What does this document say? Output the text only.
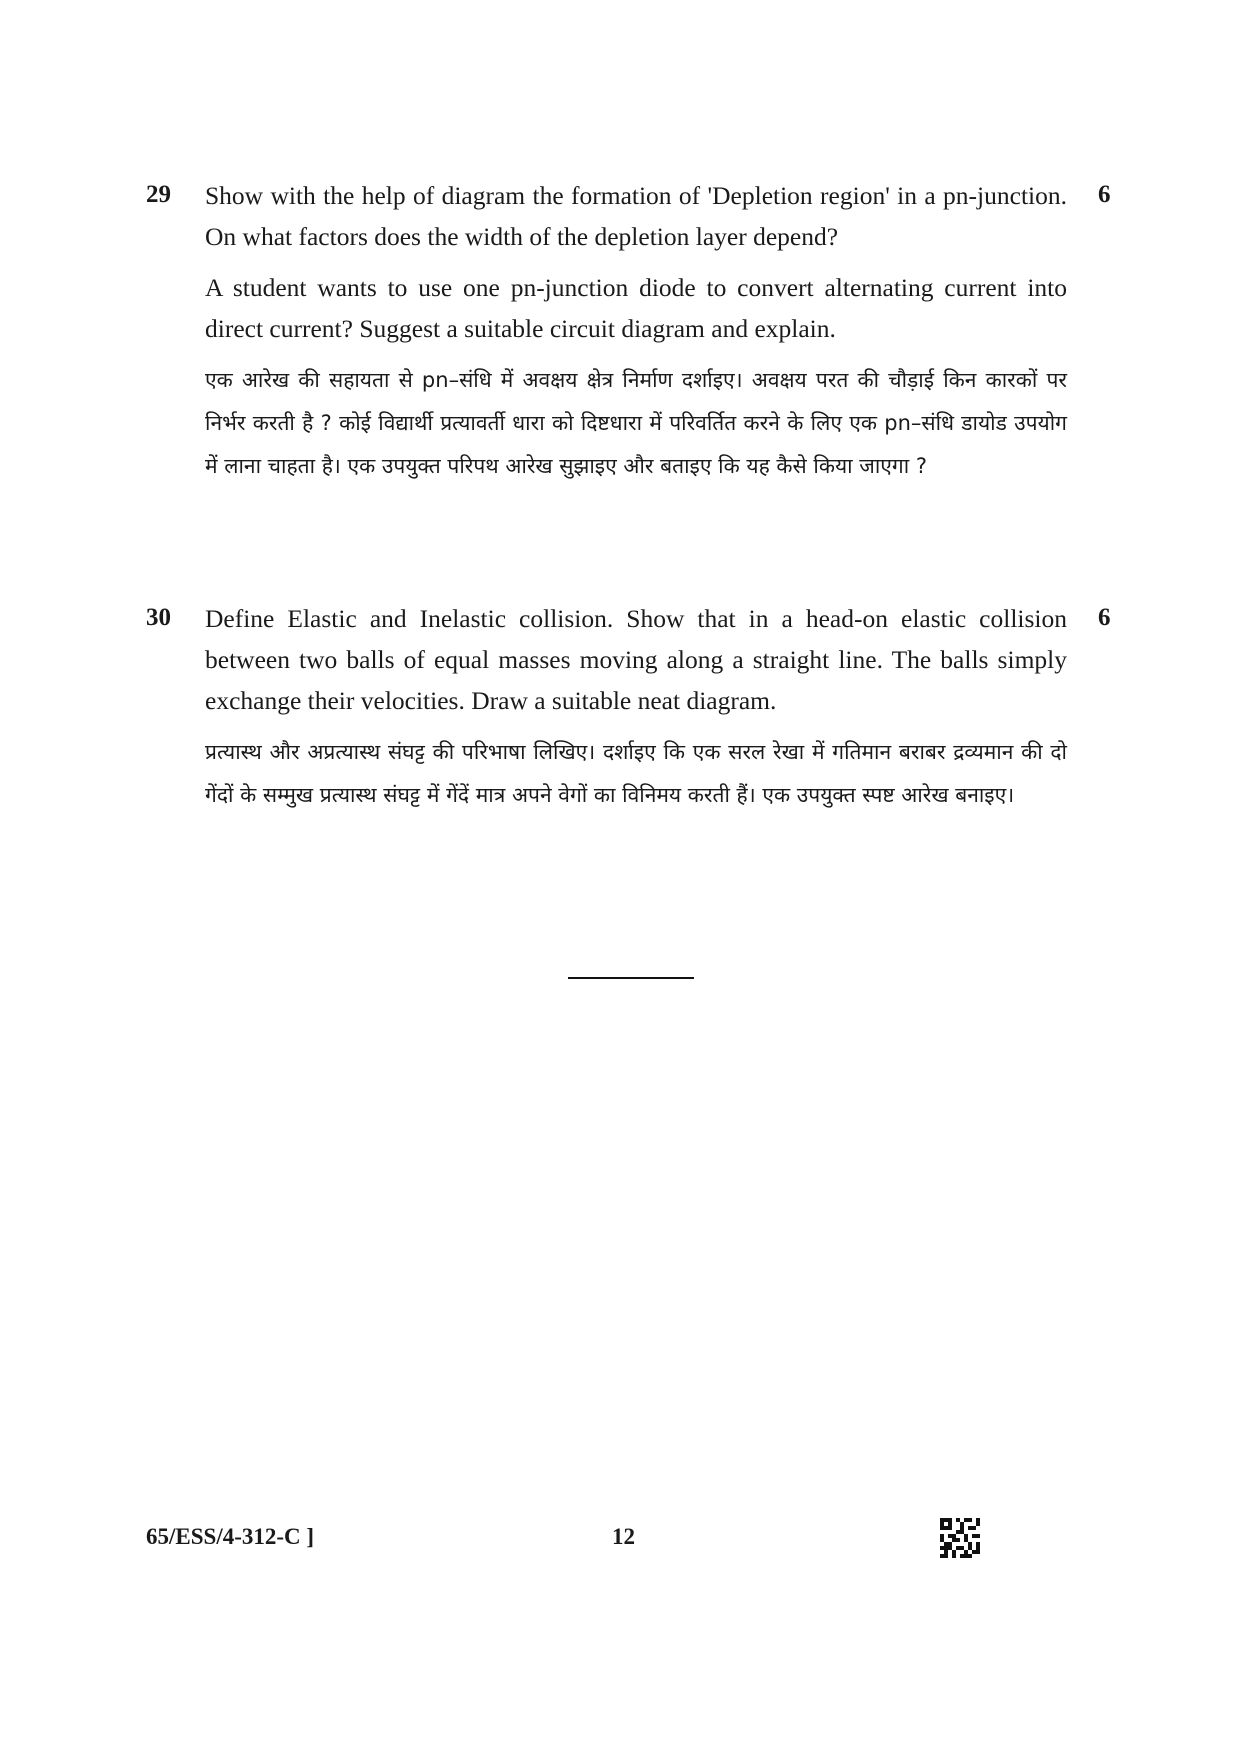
29	6

Show with the help of diagram the formation of 'Depletion region' in a pn-junction. On what factors does the width of the depletion layer depend?

A student wants to use one pn-junction diode to convert alternating current into direct current? Suggest a suitable circuit diagram and explain.

एक आरेख की सहायता से pn–संधि में अवक्षय क्षेत्र निर्माण दर्शाइए। अवक्षय परत की चौड़ाई किन कारकों पर निर्भर करती है ? कोई विद्यार्थी प्रत्यावर्ती धारा को दिष्टधारा में परिवर्तित करने के लिए एक pn–संधि डायोड उपयोग में लाना चाहता है। एक उपयुक्त परिपथ आरेख सुझाइए और बताइए कि यह कैसे किया जाएगा ?

30	6

Define Elastic and Inelastic collision. Show that in a head-on elastic collision between two balls of equal masses moving along a straight line. The balls simply exchange their velocities. Draw a suitable neat diagram.

प्रत्यास्थ और अप्रत्यास्थ संघट्ट की परिभाषा लिखिए। दर्शाइए कि एक सरल रेखा में गतिमान बराबर द्रव्यमान की दो गेंदों के सम्मुख प्रत्यास्थ संघट्ट में गेंदें मात्र अपने वेगों का विनिमय करती हैं। एक उपयुक्त स्पष्ट आरेख बनाइए।

65/ESS/4-312-C ]	12
